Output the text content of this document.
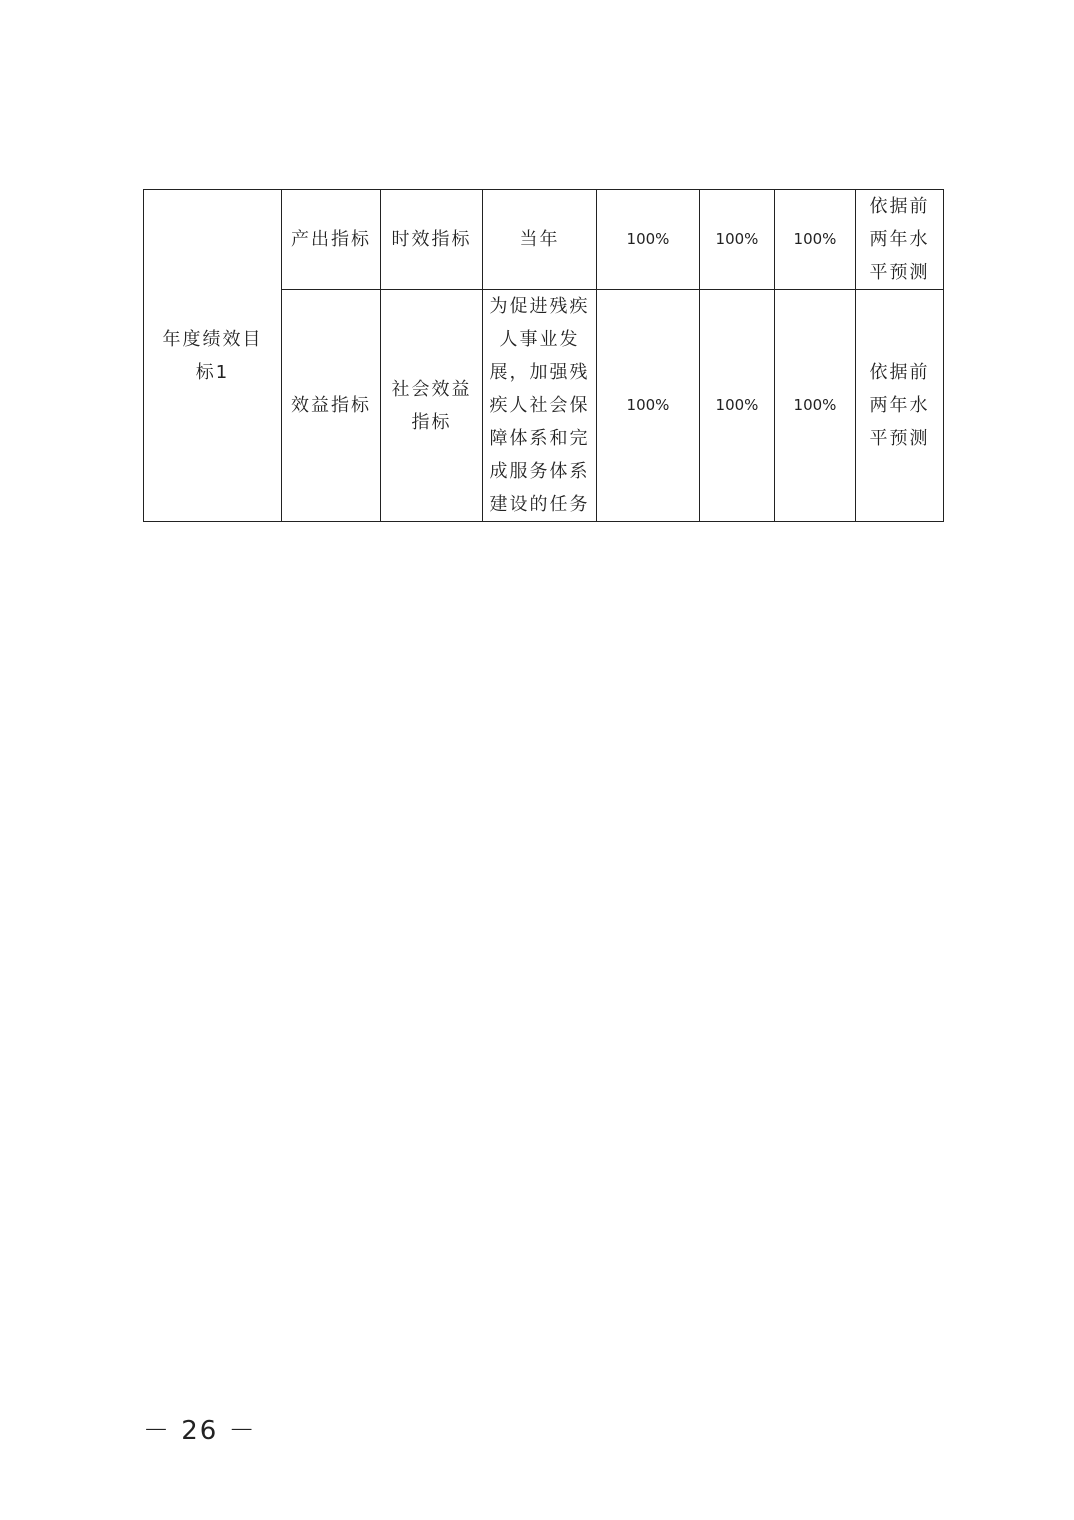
年度绩效目标1	产出指标	时效指标	当年	100%	100%	100%	依据前两年水平预测
	效益指标	社会效益指标	为促进残疾人事业发展，加强残疾人社会保障体系和完成服务体系建设的任务	100%	100%	100%	依据前两年水平预测
－ 26 －
